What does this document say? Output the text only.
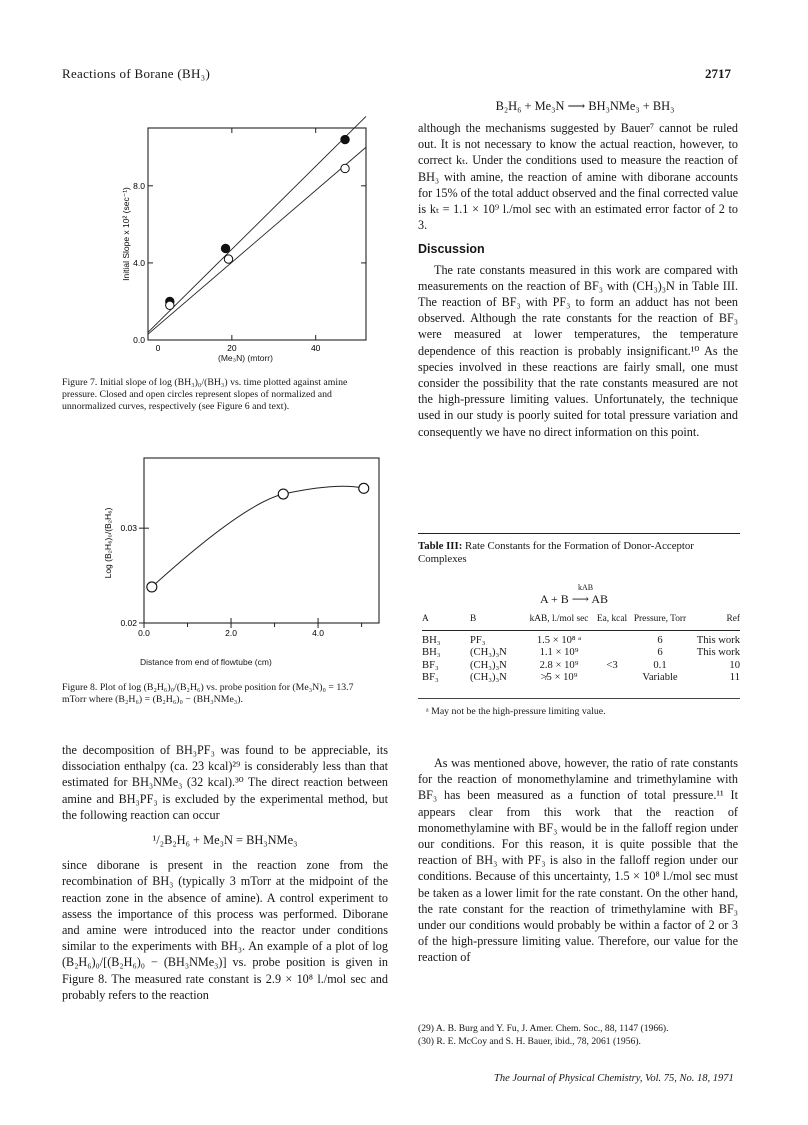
Reactions of Borane (BH₃)	2717
Initial Slope x 10² (sec⁻¹)
0	20	40
0.0
4.0
8.0
(Me₃N) (mtorr)
Figure 7. Initial slope of log (BH₃)₀/(BH₃) vs. time plotted against amine pressure. Closed and open circles represent slopes of normalized and unnormalized curves, respectively (see Figure 6 and text).
Log (B₂H₆)₀/(B₂H₆)
0.0	2.0	4.0
0.02
0.03
Distance from end of flowtube (cm)
Figure 8. Plot of log (B₂H₆)₀/(B₂H₆) vs. probe position for (Me₃N)₀ = 13.7 mTorr where (B₂H₆) = (B₂H₆)₀ − (BH₃NMe₃).
B₂H₆ + Me₃N ⟶ BH₃NMe₃ + BH₃

although the mechanisms suggested by Bauer⁷ cannot be ruled out. It is not necessary to know the actual reaction, however, to correct kₜ. Under the conditions used to measure the reaction of BH₃ with amine, the reaction of amine with diborane accounts for 15% of the total adduct observed and the final corrected value is kₜ = 1.1 × 10⁹ l./mol sec with an estimated error factor of 2 to 3.

Discussion

The rate constants measured in this work are compared with measurements on the reaction of BF₃ with (CH₃)₃N in Table III. The reaction of BF₃ with PF₃ to form an adduct has not been observed. Although the rate constants for the reaction of BF₃ were measured at lower temperatures, the temperature dependence of this reaction is probably insignificant.¹⁰ As the species involved in these reactions are fairly small, one must consider the possibility that the rate constants measured are not the high-pressure limiting values. Unfortunately, the technique used in our study is poorly suited for total pressure variation and consequently we have no direct information on this point.

Table III: Rate Constants for the Formation of Donor-Acceptor Complexes
kAB
A + B ⟶ AB
A	B	kAB, l./mol sec	Ea, kcal	Pressure, Torr	Ref

BH₃	PF₃	1.5 × 10⁸ ᵃ		6	This work
BH₃	(CH₃)₃N	1.1 × 10⁹		6	This work
BF₃	(CH₃)₃N	2.8 × 10⁹	<3	0.1	10
BF₃	(CH₃)₃N	≯5 × 10⁹		Variable	11
ᵃ May not be the high-pressure limiting value.

the decomposition of BH₃PF₃ was found to be appreciable, its dissociation enthalpy (ca. 23 kcal)²⁹ is considerably less than that estimated for BH₃NMe₃ (32 kcal).³⁰ The direct reaction between amine and BH₃PF₃ is excluded by the experimental method, but the following reaction can occur

¹/₂B₂H₆ + Me₃N = BH₃NMe₃

since diborane is present in the reaction zone from the recombination of BH₃ (typically 3 mTorr at the midpoint of the reaction zone in the absence of amine). A control experiment to assess the importance of this process was performed. Diborane and amine were introduced into the reactor under conditions similar to the experiments with BH₃. An example of a plot of log (B₂H₆)₀/[(B₂H₆)₀ − (BH₃NMe₃)] vs. probe position is given in Figure 8. The measured rate constant is 2.9 × 10⁸ l./mol sec and probably refers to the reaction

As was mentioned above, however, the ratio of rate constants for the reaction of monomethylamine and trimethylamine with BF₃ has been measured as a function of total pressure.¹¹ It appears clear from this work that the reaction of monomethylamine with BF₃ would be in the falloff region under our conditions. For this reason, it is quite possible that the reaction of BH₃ with PF₃ is also in the falloff region under our conditions. Because of this uncertainty, 1.5 × 10⁸ l./mol sec must be taken as a lower limit for the rate constant. On the other hand, the rate constant for the reaction of trimethylamine with BF₃ under our conditions would probably be within a factor of 2 or 3 of the high-pressure limiting value. Therefore, our value for the reaction of

(29) A. B. Burg and Y. Fu, J. Amer. Chem. Soc., 88, 1147 (1966).
(30) R. E. McCoy and S. H. Bauer, ibid., 78, 2061 (1956).
The Journal of Physical Chemistry, Vol. 75, No. 18, 1971
